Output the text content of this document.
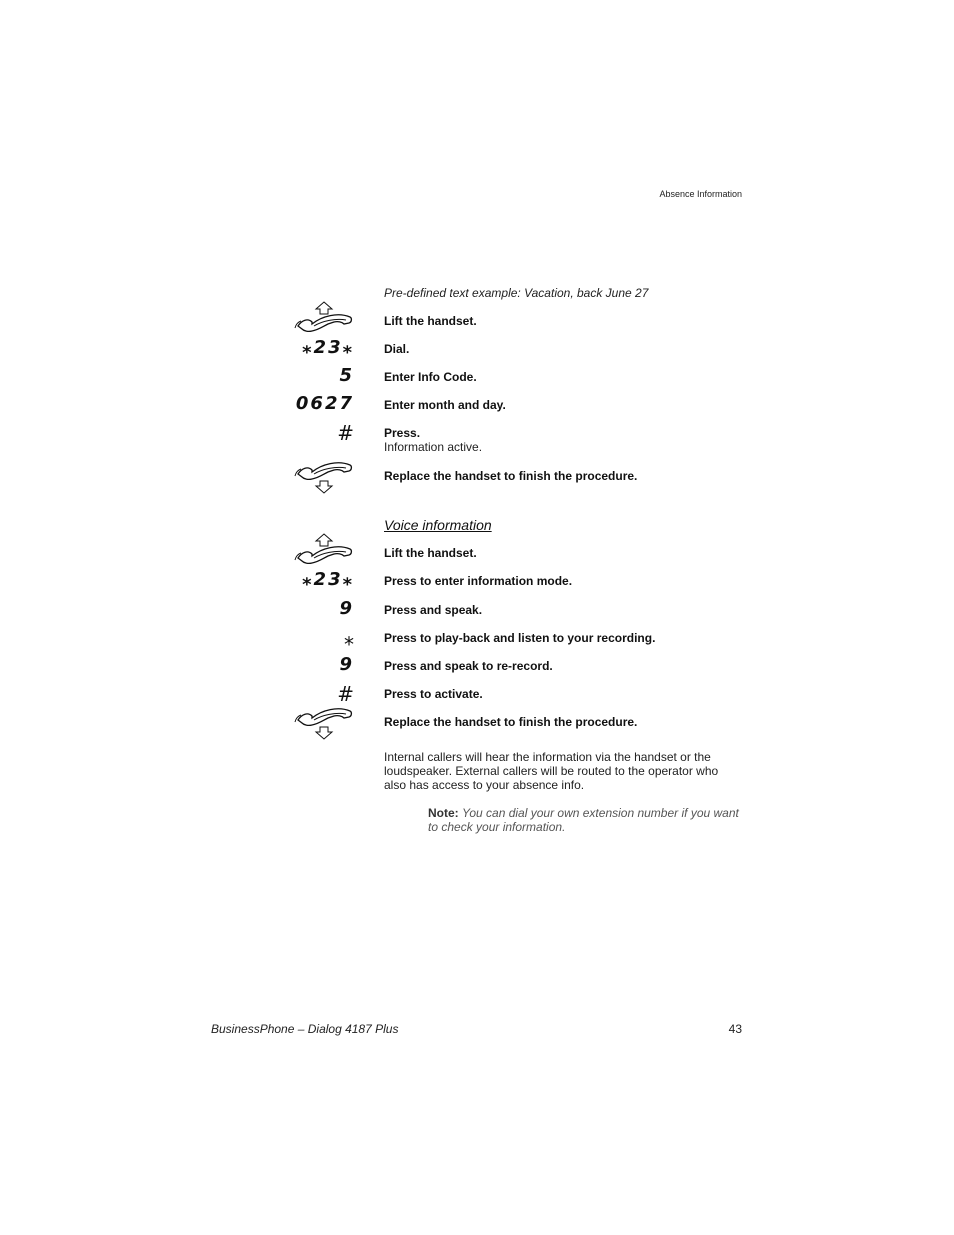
Absence Information
Pre-defined text example: Vacation, back June 27
Lift the handset.
⁎23⁎	Dial.
5	Enter Info Code.
0627	Enter month and day.
#	Press.
Information active.
Replace the handset to finish the procedure.
Voice information
Lift the handset.
⁎23⁎	Press to enter information mode.
9	Press and speak.
⁎	Press to play-back and listen to your recording.
9	Press and speak to re-record.
#	Press to activate.
Replace the handset to finish the procedure.
Internal callers will hear the information via the handset or the loudspeaker. External callers will be routed to the operator who also has access to your absence info.
Note: You can dial your own extension number if you want to check your information.
BusinessPhone – Dialog 4187 Plus	43
